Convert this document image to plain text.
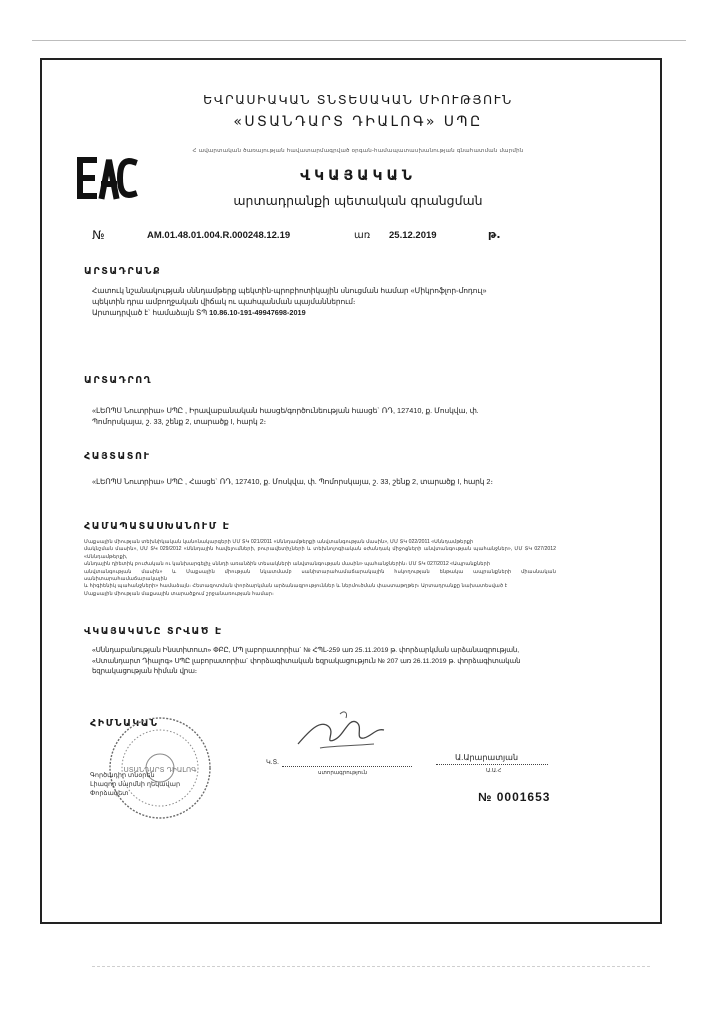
ԵՎՐԱՍԻԱԿԱՆ ՏՆՏԵՍԱԿԱՆ ՄԻՈՒԹՅՈՒՆ
«ՍՏԱՆԴԱՐՏ ԴԻԱԼՈԳ» ՍՊԸ
Հ ավարտական ծառայության հավատարմագրված օրգան-համապատասխանության գնահատման մարմին
ՎԿԱՅԱԿԱՆ
արտադրանքի պետական գրանցման
№	AM.01.48.01.004.R.000248.12.19	առ 25.12.2019	թ.
ԱՐՏԱԴՐԱՆՔ
Հատուկ նշանակության սննդամթերք պեկտին-պրոբիոտիկային սնուցման համար «Միկրոֆլոր֊մոդուլ»
պեկտին դրա ամբողջական վիճակ ու պահպանման պայմաններում։
Արտադրված է` համաձայն ՏՊ 10.86.10-191-49947698-2019
ԱՐՏԱԴՐՈՂ
«ԼԵՈՊՍ Նուտրիա» ՍՊԸ , Իրավաբանական հասցե/գործունեության հասցե` ՌԴ, 127410, ք. Մոսկվա, փ.
Պոմորսկայա, շ. 33, շենք 2, տարածք I, հարկ 2։
ՀԱՅՏԱՏՈՒ
«ԼԵՈՊՍ Նուտրիա» ՍՊԸ , Հասցե` ՌԴ, 127410, ք. Մոսկվա, փ. Պոմորսկայա, շ. 33, շենք 2, տարածք I, հարկ 2։
ՀԱՄԱՊԱՏԱՍԽԱՆՈՒՄ Է
Մաքսային միության տեխնիկական կանոնակարգերի ՄՄ ՏԿ 021/2011 «Սննդամթերքի անվտանգության մասին», ՄՄ ՏԿ 022/2011 «Սննդամթերքի
մակնշման մասին», ՄՄ ՏԿ 029/2012 «Սննդային հավելումների, բուրավետիչների և տեխնոլոգիական օժանդակ միջոցների անվտանգության պահանջներ», ՄՄ ՏԿ 027/2012 «Սննդամթերքի,
սննդային դիետիկ բուժական ու կանխարգելիչ սննդի առանձին տեսակների անվտանգության մասին» պահանջներին։ ՄՄ ՏԿ 027/2012 «Ապրանքների
անվտանգության մասին» և Մաքսային միության նկատմամբ սանիտարահամաճարակային հսկողության ենթակա ապրանքների միասնական սանիտարահամաճարակային
և հիգիենիկ պահանջների» համաձայն։ Հետազոտման փորձարկման արձանագրություններ և ներմուծման փաստաթղթեր։ Արտադրանքը նախատեսված է
Մաքսային միության մաքսային տարածքում շրջանառության համար։
ՎԿԱՅԱԿԱՆԸ ՏՐՎԱԾ Է
«Սննդաբանության Ինստիտուտ» ՓԲԸ, ՄՊ լաբորատորիա` № ՀՊԼ-259 առ 25.11.2019 թ. փորձարկման արձանագրության,
«Ստանդարտ Դիալոգ» ՍՊԸ լաբորատորիա` փորձագիտական եզրակացություն № 207 առ 26.11.2019 թ. փորձագիտական
եզրակացության հիման վրա։
ՀԻՄՆԱԿԱՆ
ՍՏԱՆԴԱՐՏ ԴԻԱԼՈԳ
Գործադիր տնօրեն
Լիազոր մարմնի ղեկավար
Փորձագետ
Կ.Տ.
ստորագրություն
Ա.Արարատյան
Ա.Ա.Հ
№ 0001653
